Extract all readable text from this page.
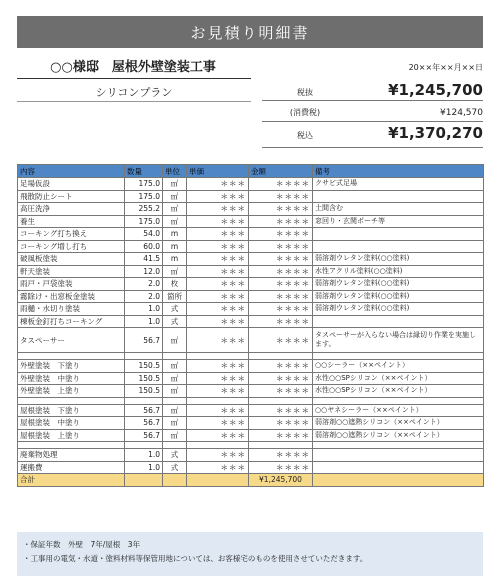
お見積り明細書
○○様邸　屋根外壁塗装工事	20××年××月××日
シリコンプラン	税抜	¥1,245,700
(消費税)	¥124,570
税込	¥1,370,270
内容	数量	単位	単価	金額	備考
足場仮設	175.0	㎡	＊＊＊	＊＊＊＊	クサビ式足場
飛散防止シート	175.0	㎡	＊＊＊	＊＊＊＊	
高圧洗浄	255.2	㎡	＊＊＊	＊＊＊＊	土間含む
養生	175.0	㎡	＊＊＊	＊＊＊＊	窓回り・玄関ポーチ等
コーキング打ち換え	54.0	m	＊＊＊	＊＊＊＊	
コーキング増し打ち	60.0	m	＊＊＊	＊＊＊＊	
破風板塗装	41.5	m	＊＊＊	＊＊＊＊	弱溶剤ウレタン塗料(○○塗料)
軒天塗装	12.0	㎡	＊＊＊	＊＊＊＊	水性アクリル塗料(○○塗料)
雨戸・戸袋塗装	2.0	枚	＊＊＊	＊＊＊＊	弱溶剤ウレタン塗料(○○塗料)
霧除け・出窓板金塗装	2.0	箇所	＊＊＊	＊＊＊＊	弱溶剤ウレタン塗料(○○塗料)
雨樋・水切り塗装	1.0	式	＊＊＊	＊＊＊＊	弱溶剤ウレタン塗料(○○塗料)
棟板金釘打ちコーキング	1.0	式	＊＊＊	＊＊＊＊	
タスペーサー	56.7	㎡	＊＊＊	＊＊＊＊	タスペーサーが入らない場合は縁切り作業を実施します。

外壁塗装　下塗り	150.5	㎡	＊＊＊	＊＊＊＊	○○シーラー（××ペイント）
外壁塗装　中塗り	150.5	㎡	＊＊＊	＊＊＊＊	水性○○SPシリコン（××ペイント）
外壁塗装　上塗り	150.5	㎡	＊＊＊	＊＊＊＊	水性○○SPシリコン（××ペイント）

屋根塗装　下塗り	56.7	㎡	＊＊＊	＊＊＊＊	○○ヤネシーラー（××ペイント）
屋根塗装　中塗り	56.7	㎡	＊＊＊	＊＊＊＊	弱溶剤○○遮熱シリコン（××ペイント）
屋根塗装　上塗り	56.7	㎡	＊＊＊	＊＊＊＊	弱溶剤○○遮熱シリコン（××ペイント）

廃棄物処理	1.0	式	＊＊＊	＊＊＊＊	
運搬費	1.0	式	＊＊＊	＊＊＊＊	
合計				¥1,245,700	
・保証年数　外壁　7年/屋根　3年
・工事用の電気・水道・塗料材料等保管用地については、お客様宅のものを使用させていただきます。
